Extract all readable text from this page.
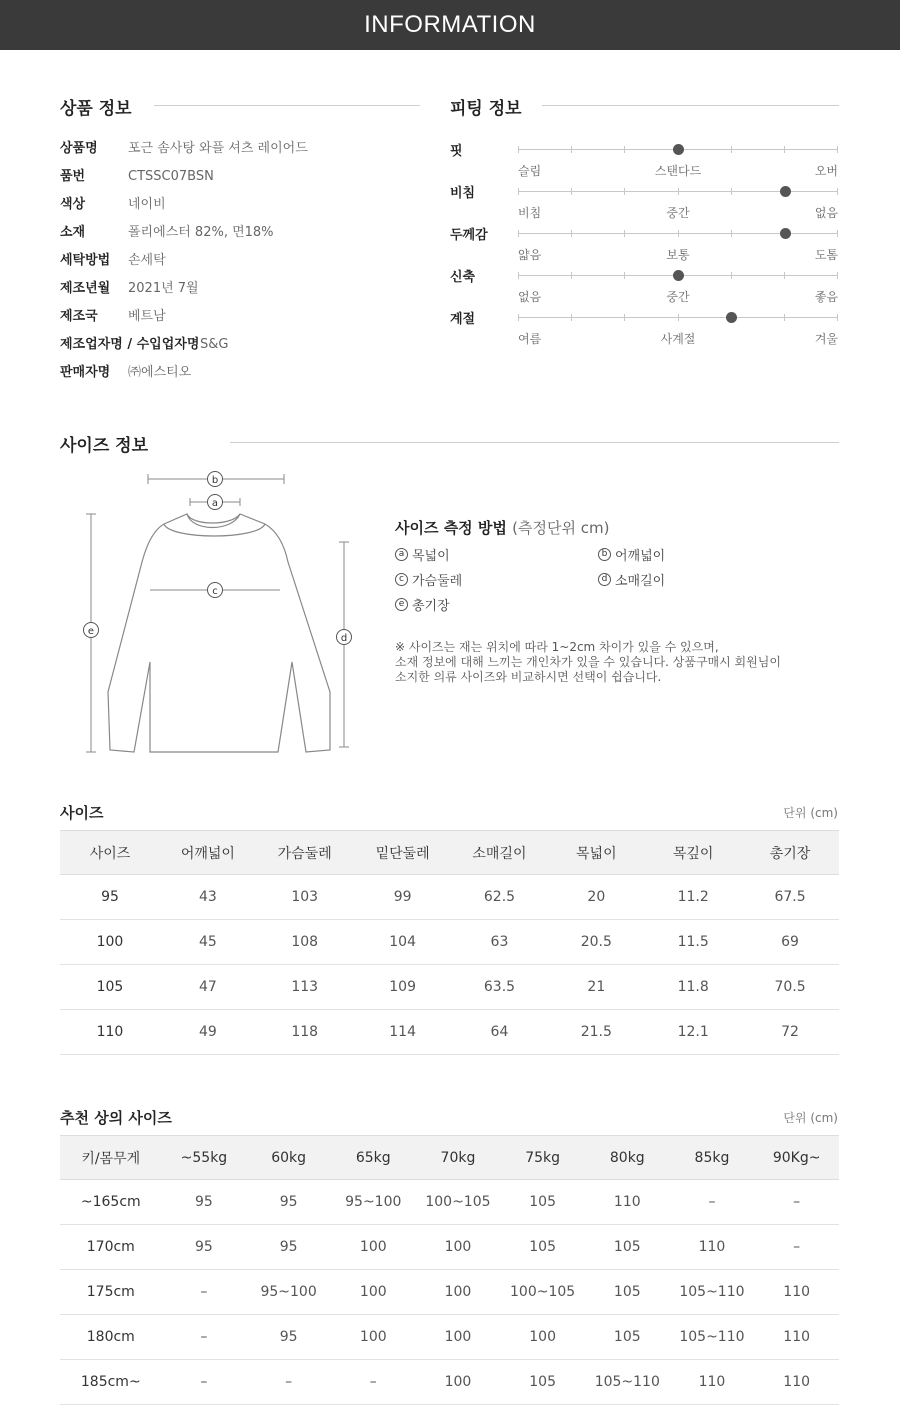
INFORMATION
상품 정보
상품명 포근 솜사탕 와플 셔츠 레이어드
품번	CTSSC07BSN
색상	네이비
소재	폴리에스터 82%, 면18%
세탁방법 손세탁
제조년월 2021년 7월
제조국 베트남
제조업자명 / 수입업자명S&G
판매자명 ㈜에스티오
피팅 정보
핏
슬림	스탠다드	오버
비침
비침	중간	없음
두께감
얇음	보통	도톰
신축
없음	중간	좋음
계절
여름	사계절	겨울
사이즈 정보
b
a
c
e
d
사이즈 측정 방법 (측정단위 cm)
a 목넓이	b 어깨넓이
c 가슴둘레	d 소매길이
e 총기장
※ 사이즈는 재는 위치에 따라 1~2cm 차이가 있을 수 있으며,
소재 정보에 대해 느끼는 개인차가 있을 수 있습니다. 상품구매시 회원님이
소지한 의류 사이즈와 비교하시면 선택이 쉽습니다.
사이즈	단위 (cm)
사이즈	어깨넓이	가슴둘레	밑단둘레	소매길이	목넓이	목깊이	총기장
95	43	103	99	62.5	20	11.2	67.5
100	45	108	104	63	20.5	11.5	69
105	47	113	109	63.5	21	11.8	70.5
110	49	118	114	64	21.5	12.1	72
추천 상의 사이즈	단위 (cm)
키/몸무게	~55kg	60kg	65kg	70kg	75kg	80kg	85kg	90Kg~
~165cm	95	95	95~100	100~105	105	110	–	–
170cm	95	95	100	100	105	105	110	–
175cm	–	95~100	100	100	100~105	105	105~110	110
180cm	–	95	100	100	100	105	105~110	110
185cm~	–	–	–	100	105	105~110	110	110
